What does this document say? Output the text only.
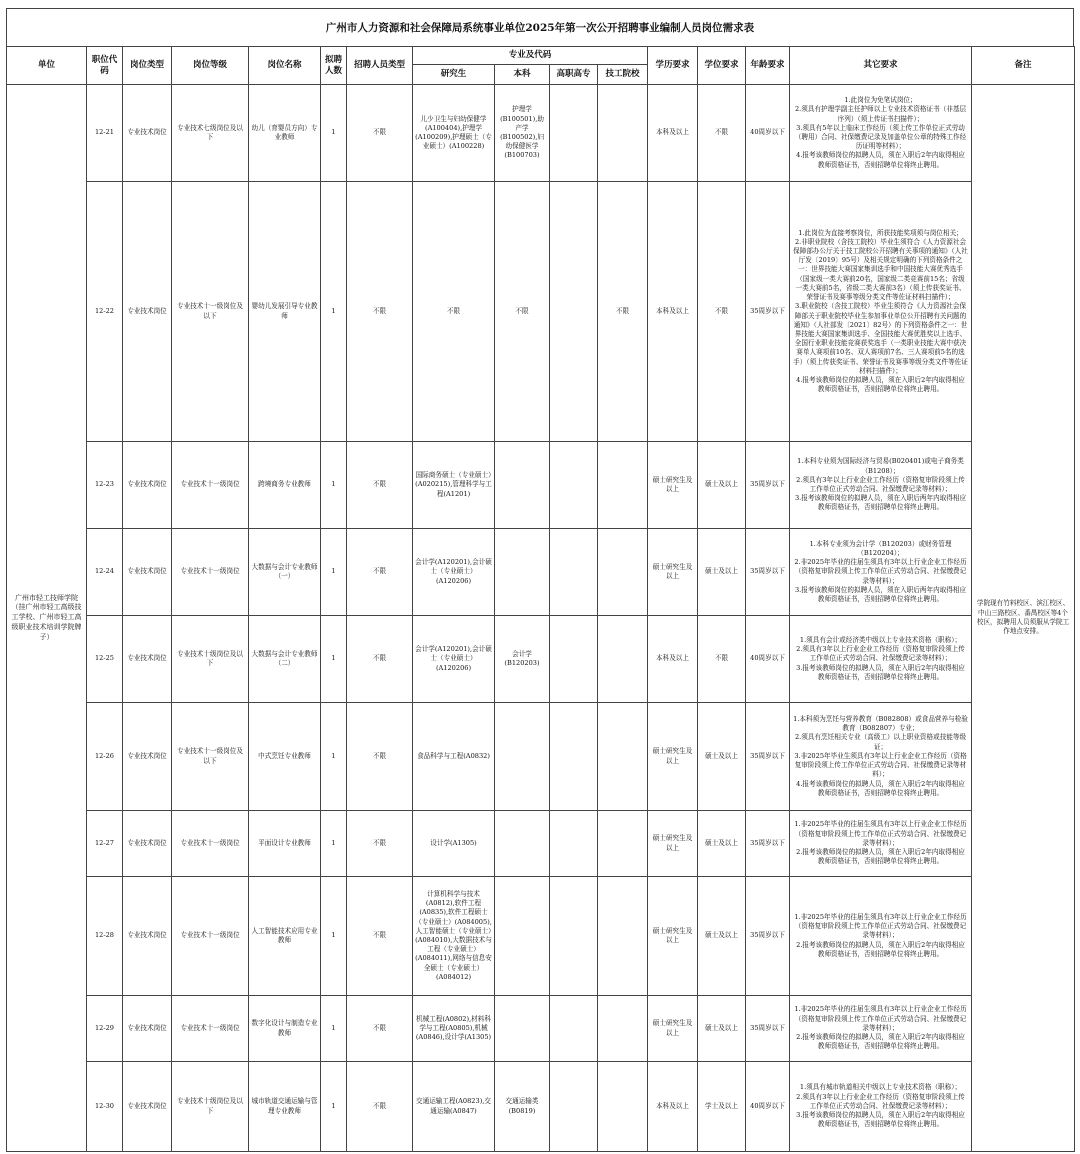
广州市人力资源和社会保障局系统事业单位2025年第一次公开招聘事业编制人员岗位需求表
单位	职位代码	岗位类型	岗位等级	岗位名称	拟聘人数	招聘人员类型	专业及代码				学历要求	学位要求	年龄要求	其它要求	备注
							研究生	本科	高职高专	技工院校					
广州市轻工技师学院（挂广州市轻工高级技工学校、广州市轻工高级职业技术培训学院牌子）	12-21	专业技术岗位	专业技术七级岗位及以下	幼儿（育婴员方向）专业教师	1	不限	儿少卫生与妇幼保健学(A100404),护理学(A100209),护理硕士（专业硕士）(A100228)	护理学(B100501),助产学(B100502),妇幼保健医学(B100703)			本科及以上	不限	40周岁以下	1.此岗位为免笔试岗位；
2.须具有护理学副主任护师以上专业技术资格证书（非基层序列）（须上传证书扫描件）；
3.须具有5年以上临床工作经历（须上传工作单位正式劳动（聘用）合同、社保缴费记录及加盖单位公章的特殊工作经历证明等材料）；
4.报考该教师岗位的拟聘人员，须在入职后2年内取得相应教师资格证书，否则招聘单位将终止聘用。	学院现有竹料校区、滨江校区、中山三路校区、番禺校区等4个校区，拟聘用人员须服从学院工作地点安排。
	12-22	专业技术岗位	专业技术十一级岗位及以下	婴幼儿发展引导专业教师	1	不限	不限	不限		不限	本科及以上	不限	35周岁以下	1.此岗位为直接考察岗位，所获技能奖项须与岗位相关；
2.非职业院校（含技工院校）毕业生须符合《人力资源社会保障部办公厅关于技工院校公开招聘有关事项的通知》（人社厅发〔2019〕95号）及相关规定明确的下列资格条件之一：世界技能大赛国家集训选手和中国技能大赛优秀选手（国家级一类大赛前20名，国家级二类竞赛前15名；省级一类大赛前5名，省级二类大赛前3名）（须上传获奖证书、荣誉证书及赛事等级分类文件等佐证材料扫描件）；
3.职业院校（含技工院校）毕业生须符合《人力资源社会保障部关于职业院校毕业生参加事业单位公开招聘有关问题的通知》（人社部发〔2021〕82号）的下列资格条件之一：世界技能大赛国家集训选手、全国技能大赛优胜奖以上选手、全国行业职业技能竞赛获奖选手（一类职业技能大赛中获决赛单人赛项前10名、双人赛项前7名、三人赛项前5名的选手）（须上传获奖证书、荣誉证书及赛事等级分类文件等佐证材料扫描件）；
4.报考该教师岗位的拟聘人员，须在入职后2年内取得相应教师资格证书，否则招聘单位将终止聘用。	

	12-23	专业技术岗位	专业技术十一级岗位	跨境商务专业教师	1	不限	国际商务硕士（专业硕士）(A020215),管理科学与工程(A1201)				硕士研究生及以上	硕士及以上	35周岁以下	1.本科专业须为国际经济与贸易(B020401)或电子商务类（B1208）；
2.须具有3年以上行业企业工作经历（资格复审阶段须上传工作单位正式劳动合同、社保缴费记录等材料）；
3.报考该教师岗位的拟聘人员，须在入职后两年内取得相应教师资格证书，否则招聘单位将终止聘用。	

	12-24	专业技术岗位	专业技术十一级岗位	大数据与会计专业教师（一）	1	不限	会计学(A120201),会计硕士（专业硕士）(A120206)				硕士研究生及以上	硕士及以上	35周岁以下	1.本科专业须为会计学（B120203）或财务管理（B120204）；
2.非2025年毕业的往届生须具有3年以上行业企业工作经历（资格复审阶段须上传工作单位正式劳动合同、社保缴费记录等材料）；
3.报考该教师岗位的拟聘人员，须在入职后两年内取得相应教师资格证书，否则招聘单位将终止聘用。	

	12-25	专业技术岗位	专业技术十级岗位及以下	大数据与会计专业教师（二）	1	不限	会计学(A120201),会计硕士（专业硕士）(A120206)	会计学(B120203)			本科及以上	不限	40周岁以下	1.须具有会计或经济类中级以上专业技术资格（职称）；
2.须具有3年以上行业企业工作经历（资格复审阶段须上传工作单位正式劳动合同、社保缴费记录等材料）；
3.报考该教师岗位的拟聘人员，须在入职后2年内取得相应教师资格证书，否则招聘单位将终止聘用。	

	12-26	专业技术岗位	专业技术十一级岗位及以下	中式烹饪专业教师	1	不限	食品科学与工程(A0832)				硕士研究生及以上	硕士及以上	35周岁以下	1.本科须为烹饪与营养教育（B082808）或食品营养与检验教育（B082807）专业；
2.须具有烹饪相关专业（高级工）以上职业资格或技能等级证；
3.非2025年毕业生须具有3年以上行业企业工作经历（资格复审阶段须上传工作单位正式劳动合同、社保缴费记录等材料）；
4.报考该教师岗位的拟聘人员，须在入职后2年内取得相应教师资格证书，否则招聘单位将终止聘用。	

	12-27	专业技术岗位	专业技术十一级岗位	平面设计专业教师	1	不限	设计学(A1305)				硕士研究生及以上	硕士及以上	35周岁以下	1.非2025年毕业的往届生须具有3年以上行业企业工作经历（资格复审阶段须上传工作单位正式劳动合同、社保缴费记录等材料）；
2.报考该教师岗位的拟聘人员，须在入职后2年内取得相应教师资格证书，否则招聘单位将终止聘用。	

	12-28	专业技术岗位	专业技术十一级岗位	人工智能技术应用专业教师	1	不限	计算机科学与技术(A0812),软件工程(A0835),软件工程硕士（专业硕士）(A084005),人工智能硕士（专业硕士）(A084010),大数据技术与工程（专业硕士）(A084011),网络与信息安全硕士（专业硕士）(A084012)				硕士研究生及以上	硕士及以上	35周岁以下	1.非2025年毕业的往届生须具有3年以上行业企业工作经历（资格复审阶段须上传工作单位正式劳动合同、社保缴费记录等材料）；
2.报考该教师岗位的拟聘人员，须在入职后2年内取得相应教师资格证书，否则招聘单位将终止聘用。	

	12-29	专业技术岗位	专业技术十一级岗位	数字化设计与制造专业教师	1	不限	机械工程(A0802),材料科学与工程(A0805),机械(A0846),设计学(A1305)				硕士研究生及以上	硕士及以上	35周岁以下	1.非2025年毕业的往届生须具有3年以上行业企业工作经历（资格复审阶段须上传工作单位正式劳动合同、社保缴费记录等材料）；
2.报考该教师岗位的拟聘人员，须在入职后2年内取得相应教师资格证书，否则招聘单位将终止聘用。	

	12-30	专业技术岗位	专业技术十级岗位及以下	城市轨道交通运输与管理专业教师	1	不限	交通运输工程(A0823),交通运输(A0847)	交通运输类(B0819)			本科及以上	学士及以上	40周岁以下	1.须具有城市轨道相关中级以上专业技术资格（职称）；
2.须具有3年以上行业企业工作经历（资格复审阶段须上传工作单位正式劳动合同、社保缴费记录等材料）；
3.报考该教师岗位的拟聘人员，须在入职后2年内取得相应教师资格证书，否则招聘单位将终止聘用。	
